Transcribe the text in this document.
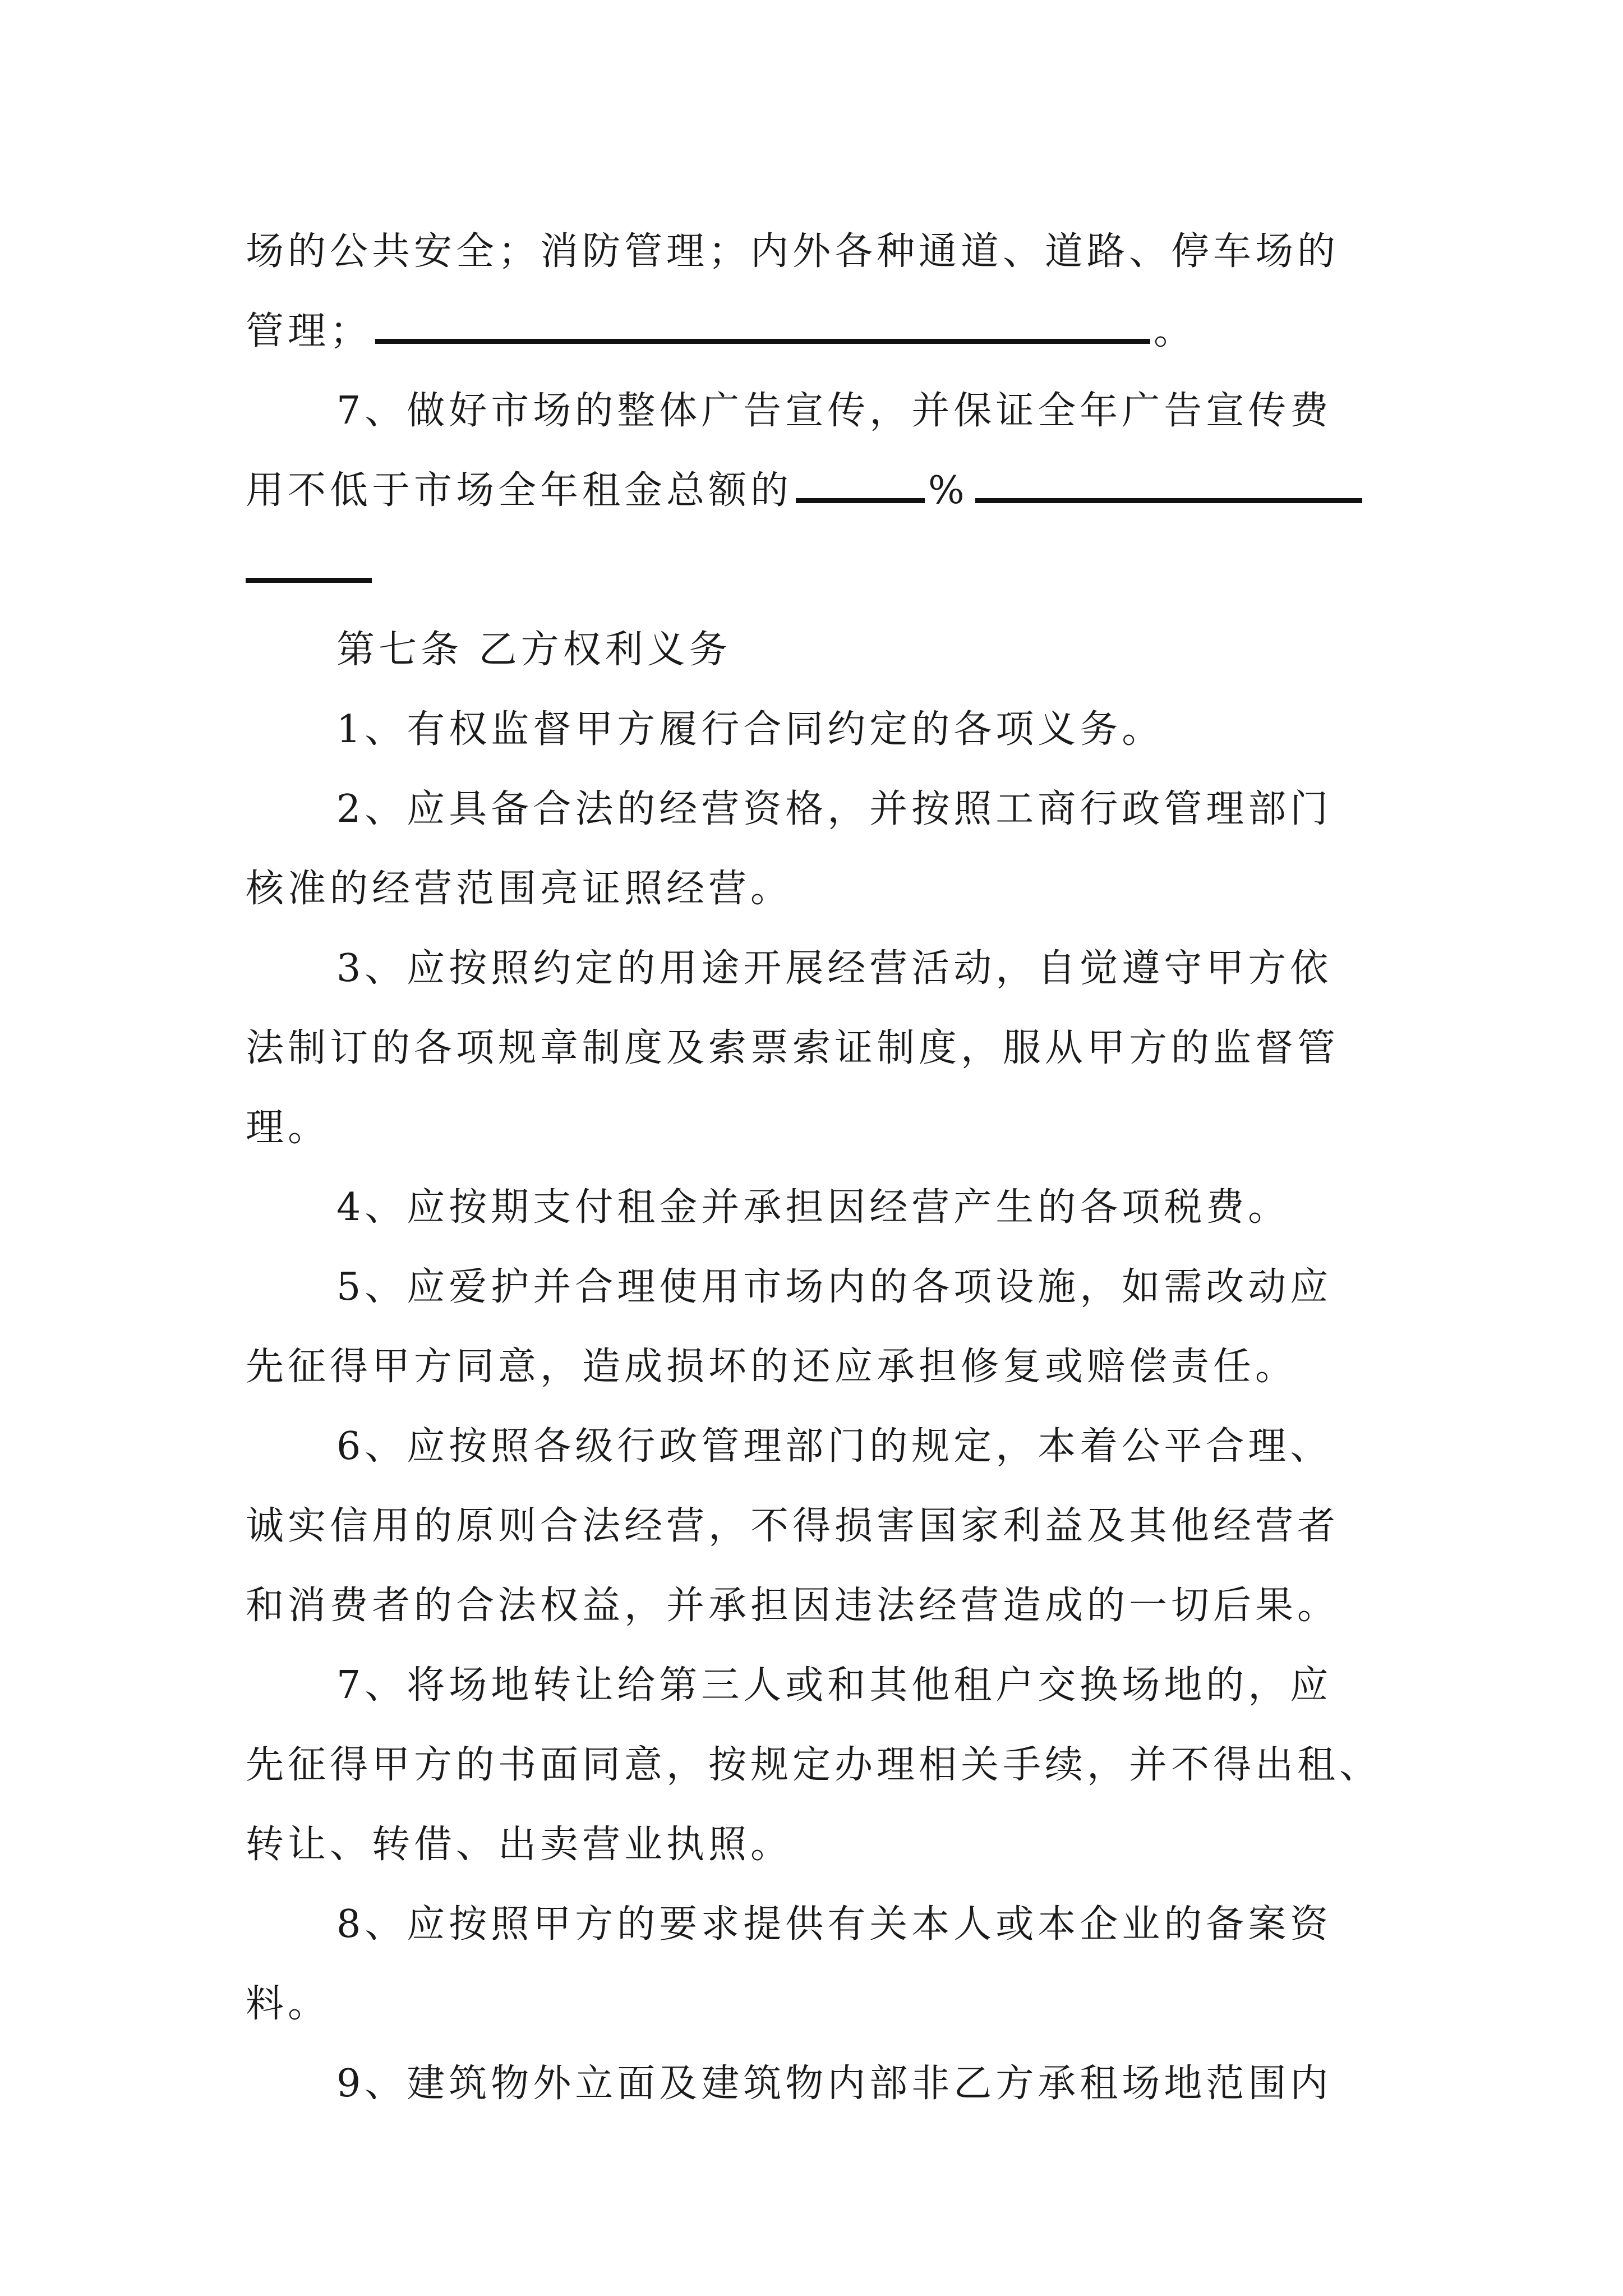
场的公共安全；消防管理；内外各种通道、道路、停车场的
管理；	。
7、做好市场的整体广告宣传，并保证全年广告宣传费
用不低于市场全年租金总额的	%
第七条 乙方权利义务
1、有权监督甲方履行合同约定的各项义务。
2、应具备合法的经营资格，并按照工商行政管理部门
核准的经营范围亮证照经营。
3、应按照约定的用途开展经营活动，自觉遵守甲方依
法制订的各项规章制度及索票索证制度，服从甲方的监督管
理。
4、应按期支付租金并承担因经营产生的各项税费。
5、应爱护并合理使用市场内的各项设施，如需改动应
先征得甲方同意，造成损坏的还应承担修复或赔偿责任。
6、应按照各级行政管理部门的规定，本着公平合理、
诚实信用的原则合法经营，不得损害国家利益及其他经营者
和消费者的合法权益，并承担因违法经营造成的一切后果。
7、将场地转让给第三人或和其他租户交换场地的，应
先征得甲方的书面同意，按规定办理相关手续，并不得出租、
转让、转借、出卖营业执照。
8、应按照甲方的要求提供有关本人或本企业的备案资
料。
9、建筑物外立面及建筑物内部非乙方承租场地范围内
